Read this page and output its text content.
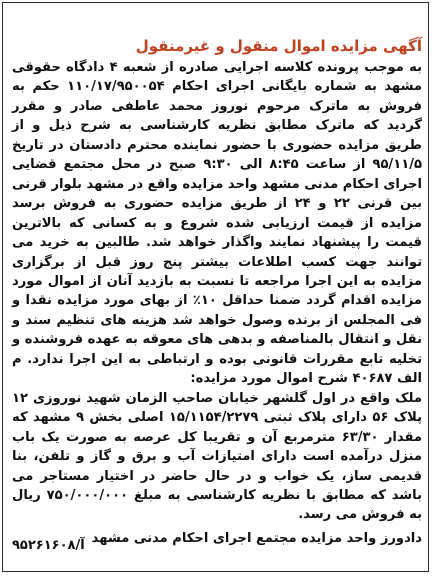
آگهی مزایده اموال منقول و غیرمنقول

به موجب پرونده کلاسه اجرایی صادره از شعبه ۴ دادگاه حقوقی مشهد به شماره بایگانی اجرای احکام ۱۱۰/۱۷/۹۵۰۰۵۴ حکم به فروش به ماترک مرحوم نوروز محمد عاطفی صادر و مقرر گردید که ماترک مطابق نظریه کارشناسی به شرح ذیل و از طریق مزایده حضوری با حضور نماینده محترم دادستان در تاریخ ۹۵/۱۱/۵ از ساعت ۸:۴۵ الی ۹:۳۰ صبح در محل مجتمع قضایی اجرای احکام مدنی مشهد واحد مزایده واقع در مشهد بلوار قرنی بین قرنی ۲۲ و ۲۴ از طریق مزایده حضوری به فروش برسد مزایده از قیمت ارزیابی شده شروع و به کسانی که بالاترین قیمت را پیشنهاد نمایند واگذار خواهد شد. طالبین به خرید می توانند جهت کسب اطلاعات بیشتر پنج روز قبل از برگزاری مزایده به این اجرا مراجعه تا نسبت به بازدید آنان از اموال مورد مزایده اقدام گردد ضمنا حداقل ۱۰٪ از بهای مورد مزایده نقدا و فی المجلس از برنده وصول خواهد شد هزینه های تنظیم سند و نقل و انتقال بالمناصفه و بدهی های معوقه به عهده فروشنده و تخلیه تابع مقررات قانونی بوده و ارتباطی به این اجرا ندارد. م الف ۴۰۶۸۷ شرح اموال مورد مزایده:

ملک واقع در اول گلشهر خیابان صاحب الزمان شهید نوروزی ۱۲ پلاک ۵۶ دارای پلاک ثبتی ۱۵/۱۱۵۴/۲۲۷۹ اصلی بخش ۹ مشهد که مقدار ۶۳/۳۰ مترمربع آن و تقریبا کل عرصه به صورت یک باب منزل درآمده است دارای امتیازات آب و برق و گاز و تلفن، بنا قدیمی ساز، یک خواب و در حال حاضر در اختیار مستاجر می باشد که مطابق با نظریه کارشناسی به مبلغ ۷۵۰/۰۰۰/۰۰۰ ریال به فروش می رسد.

دادورز واحد مزایده مجتمع اجرای احکام مدنی مشهد

آ/۹۵۲۶۱۶۰۸
